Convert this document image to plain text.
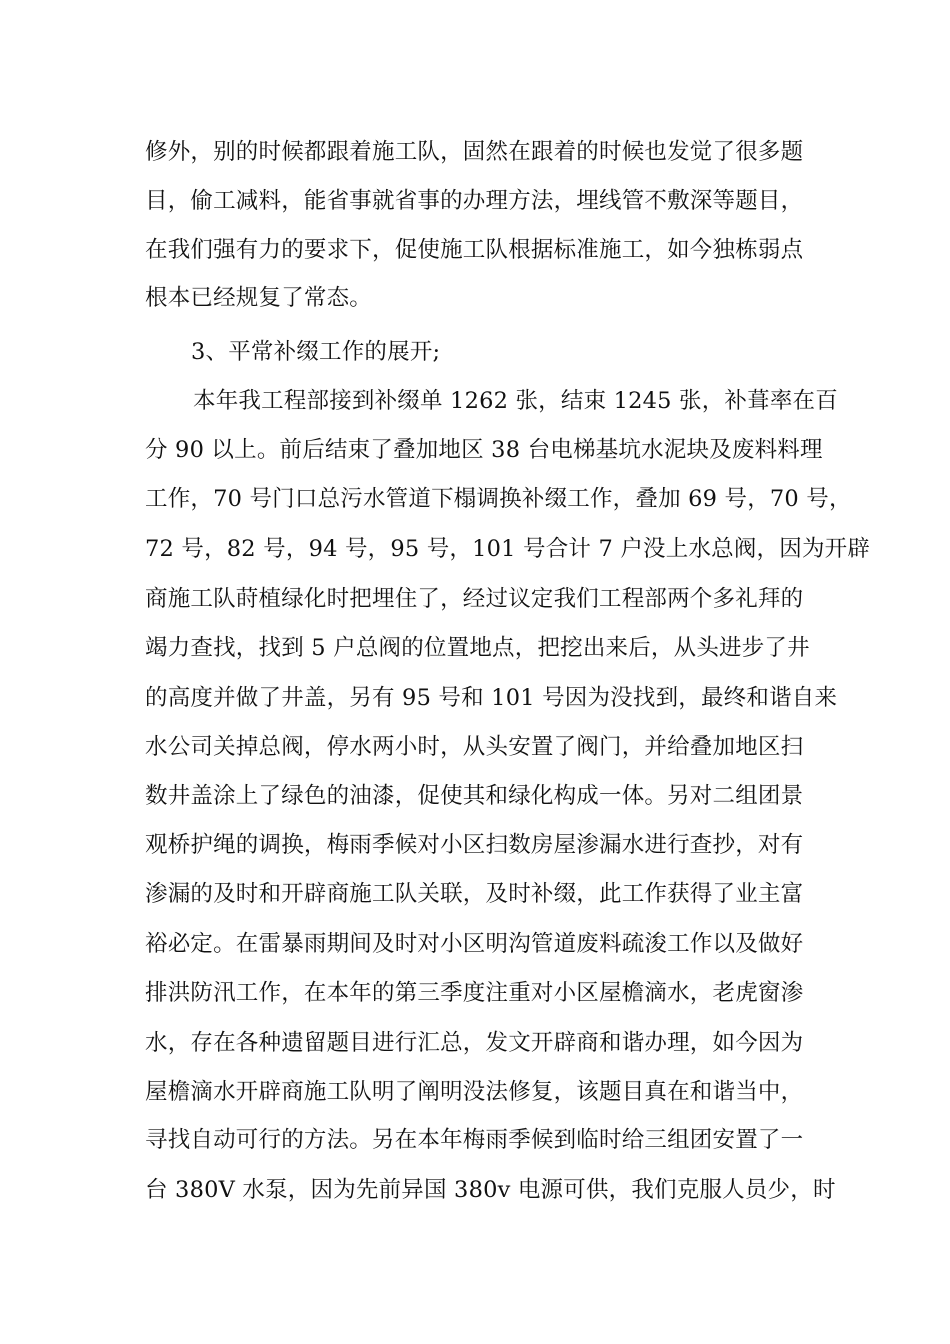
修外，别的时候都跟着施工队，固然在跟着的时候也发觉了很多题
目，偷工减料，能省事就省事的办理方法，埋线管不敷深等题目，
在我们强有力的要求下，促使施工队根据标准施工，如今独栋弱点
根本已经规复了常态。
3、平常补缀工作的展开;
本年我工程部接到补缀单 1262 张，结束 1245 张，补葺率在百
分 90 以上。前后结束了叠加地区 38 台电梯基坑水泥块及废料料理
工作，70 号门口总污水管道下榻调换补缀工作，叠加 69 号，70 号，
72 号，82 号，94 号，95 号，101 号合计 7 户没上水总阀，因为开辟
商施工队莳植绿化时把埋住了，经过议定我们工程部两个多礼拜的
竭力查找，找到 5 户总阀的位置地点，把挖出来后，从头进步了井
的高度并做了井盖，另有 95 号和 101 号因为没找到，最终和谐自来
水公司关掉总阀，停水两小时，从头安置了阀门，并给叠加地区扫
数井盖涂上了绿色的油漆，促使其和绿化构成一体。另对二组团景
观桥护绳的调换，梅雨季候对小区扫数房屋渗漏水进行查抄，对有
渗漏的及时和开辟商施工队关联，及时补缀，此工作获得了业主富
裕必定。在雷暴雨期间及时对小区明沟管道废料疏浚工作以及做好
排洪防汛工作，在本年的第三季度注重对小区屋檐滴水，老虎窗渗
水，存在各种遗留题目进行汇总，发文开辟商和谐办理，如今因为
屋檐滴水开辟商施工队明了阐明没法修复，该题目真在和谐当中，
寻找自动可行的方法。另在本年梅雨季候到临时给三组团安置了一
台 380V 水泵，因为先前异国 380v 电源可供，我们克服人员少，时
